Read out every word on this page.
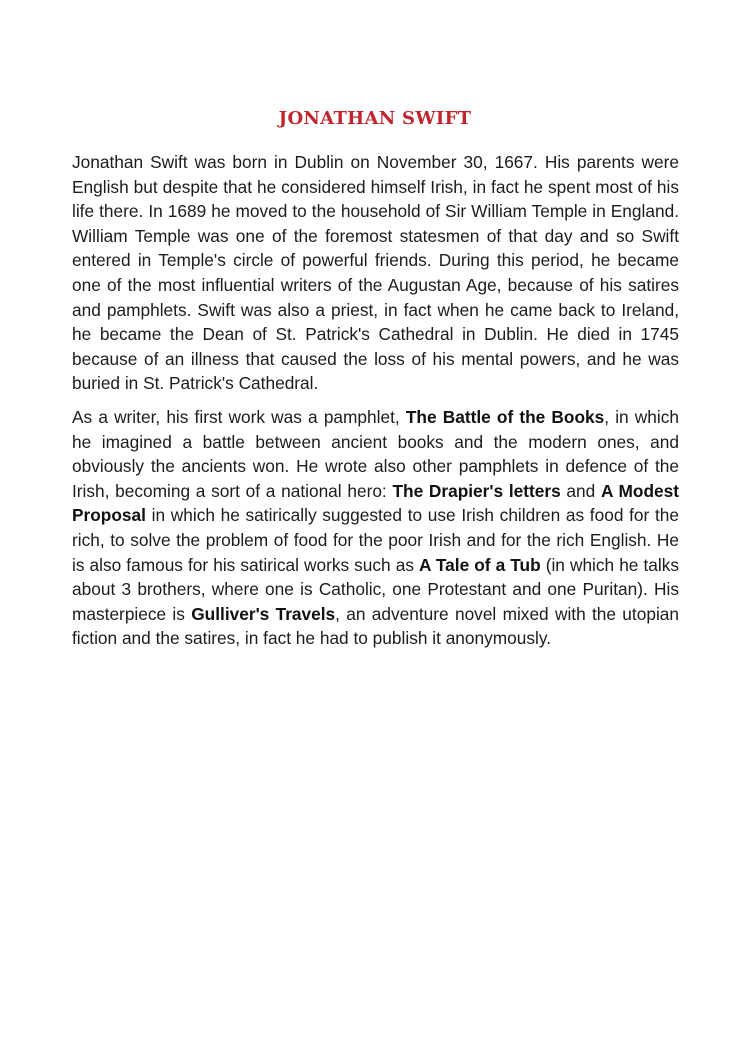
JONATHAN SWIFT

Jonathan Swift was born in Dublin on November 30, 1667. His parents were English but despite that he considered himself Irish, in fact he spent most of his life there. In 1689 he moved to the household of Sir William Temple in England. William Temple was one of the foremost statesmen of that day and so Swift entered in Temple's circle of powerful friends. During this period, he became one of the most influential writers of the Augustan Age, because of his satires and pamphlets. Swift was also a priest, in fact when he came back to Ireland, he became the Dean of St. Patrick's Cathedral in Dublin. He died in 1745 because of an illness that caused the loss of his mental powers, and he was buried in St. Patrick's Cathedral.

As a writer, his first work was a pamphlet, The Battle of the Books, in which he imagined a battle between ancient books and the modern ones, and obviously the ancients won. He wrote also other pamphlets in defence of the Irish, becoming a sort of a national hero: The Drapier's letters and A Modest Proposal in which he satirically suggested to use Irish children as food for the rich, to solve the problem of food for the poor Irish and for the rich English. He is also famous for his satirical works such as A Tale of a Tub (in which he talks about 3 brothers, where one is Catholic, one Protestant and one Puritan). His masterpiece is Gulliver's Travels, an adventure novel mixed with the utopian fiction and the satires, in fact he had to publish it anonymously.
